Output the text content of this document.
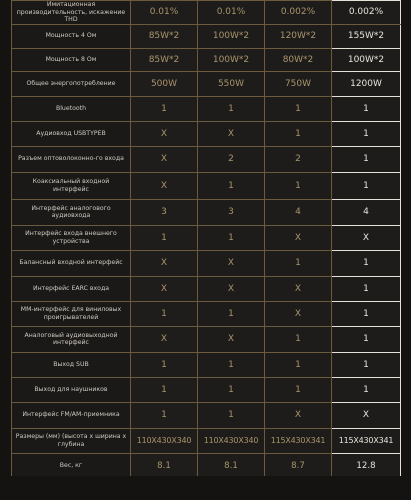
Имитационная производительность, искажение THD	0.01%	0.01%	0.002%	0.002%
Мощность 4 Ом	85W*2	100W*2	120W*2	155W*2
Мощность 8 Ом	85W*2	100W*2	80W*2	100W*2
Общее энергопотребление	500W	550W	750W	1200W
Bluetooth	1	1	1	1
Аудиовход USBTYPEB	X	X	1	1
Разъем оптоволоконно-го входа	X	2	2	1
Коаксиальный входной интерфейс	X	1	1	1
Интерфейс аналогового аудиовхода	3	3	4	4
Интерфейс входа внешнего устройства	1	1	X	X
Балансный входной интерфейс	X	X	1	1
Интерфейс EARC входа	X	X	X	1
ММ-интерфейс для виниловых проигрывателей	1	1	X	1
Аналоговый аудиовыходной интерфейс	X	X	1	1
Выход SUB	1	1	1	1
Выход для наушников	1	1	1	1
Интерфейс FM/AM-приемника	1	1	X	X
Размеры (мм) (высота x ширина x глубина	110X430X340	110X430X340	115X430X341	115X430X341
Вес, кг	8.1	8.1	8.7	12.8
